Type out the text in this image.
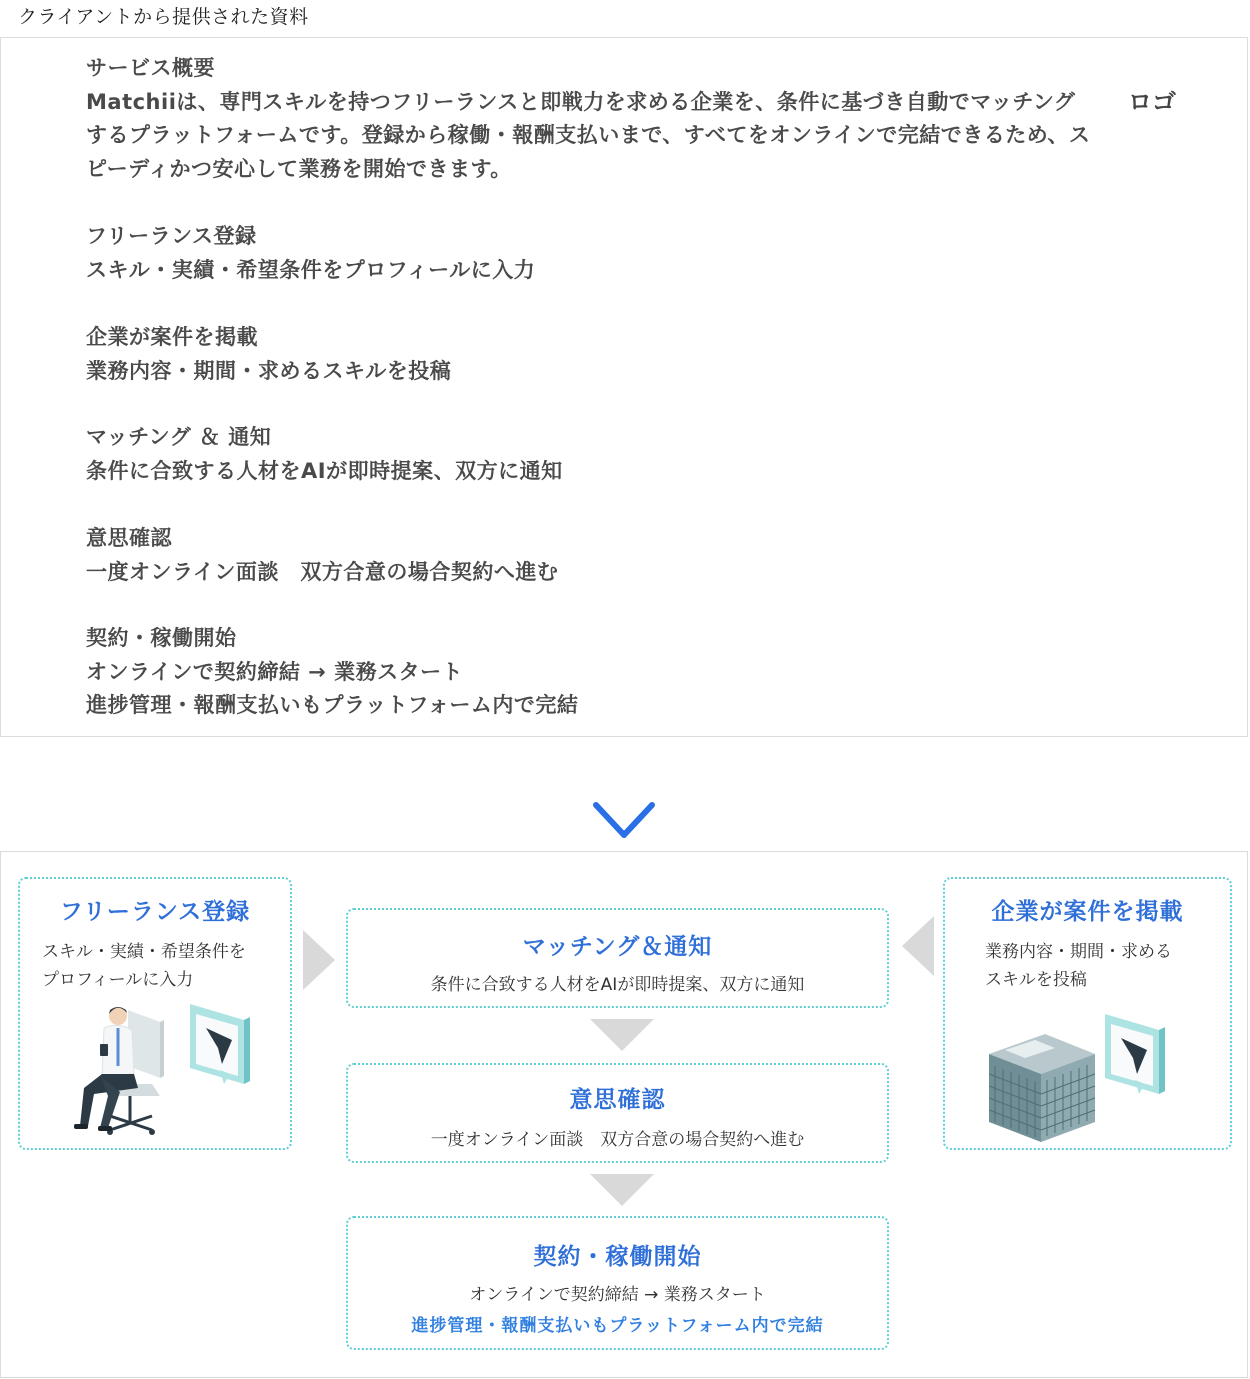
クライアントから提供された資料
ロゴ
サービス概要
Matchiiは、専門スキルを持つフリーランスと即戦力を求める企業を、条件に基づき自動でマッチングするプラットフォームです。登録から稼働・報酬支払いまで、すべてをオンラインで完結できるため、スピーディかつ安心して業務を開始できます。
フリーランス登録
スキル・実績・希望条件をプロフィールに入力
企業が案件を掲載
業務内容・期間・求めるスキルを投稿
マッチング ＆ 通知
条件に合致する人材をAIが即時提案、双方に通知
意思確認
一度オンライン面談　双方合意の場合契約へ進む
契約・稼働開始
オンラインで契約締結 → 業務スタート
進捗管理・報酬支払いもプラットフォーム内で完結
フリーランス登録
スキル・実績・希望条件を
プロフィールに入力
企業が案件を掲載
業務内容・期間・求める
スキルを投稿
マッチング＆通知
条件に合致する人材をAIが即時提案、双方に通知
意思確認
一度オンライン面談　双方合意の場合契約へ進む
契約・稼働開始
オンラインで契約締結 → 業務スタート
進捗管理・報酬支払いもプラットフォーム内で完結
